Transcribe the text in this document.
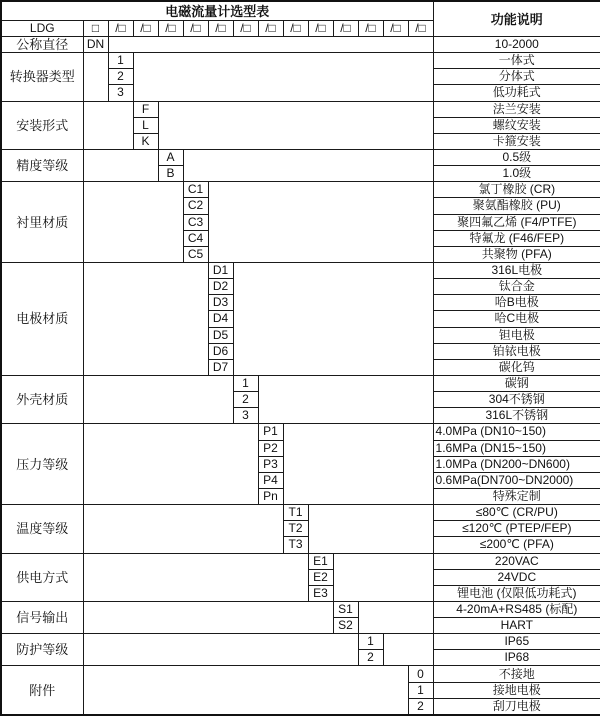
电磁流量计选型表															功能说明
LDG	□	/□	/□	/□	/□	/□	/□	/□	/□	/□	/□	/□	/□	/□	
公称直径	DN														10-2000
转换器类型		1													一体式
		2													分体式
		3													低功耗式
安装形式			F												法兰安装
			L												螺纹安装
			K												卡箍安装
精度等级				A											0.5级
				B											1.0级
衬里材质					C1										氯丁橡胶 (CR)
					C2										聚氨酯橡胶 (PU)
					C3										聚四氟乙烯 (F4/PTFE)
					C4										特氟龙 (F46/FEP)
					C5										共聚物 (PFA)
电极材质						D1									316L电极
						D2									钛合金
						D3									哈B电极
						D4									哈C电极
						D5									钽电极
						D6									铂铱电极
						D7									碳化钨
外壳材质							1								碳钢
							2								304不锈钢
							3								316L不锈钢
压力等级								P1							4.0MPa (DN10~150)
								P2							1.6MPa (DN15~150)
								P3							1.0MPa (DN200~DN600)
								P4							0.6MPa(DN700~DN2000)
								Pn							特殊定制
温度等级									T1						≤80℃ (CR/PU)
									T2						≤120℃ (PTEP/FEP)
									T3						≤200℃ (PFA)
供电方式										E1					220VAC
										E2					24VDC
										E3					锂电池 (仅限低功耗式)
信号输出											S1				4-20mA+RS485 (标配)
											S2				HART
防护等级												1			IP65
												2			IP68
附件														0	不接地
														1	接地电极
														2	刮刀电极
